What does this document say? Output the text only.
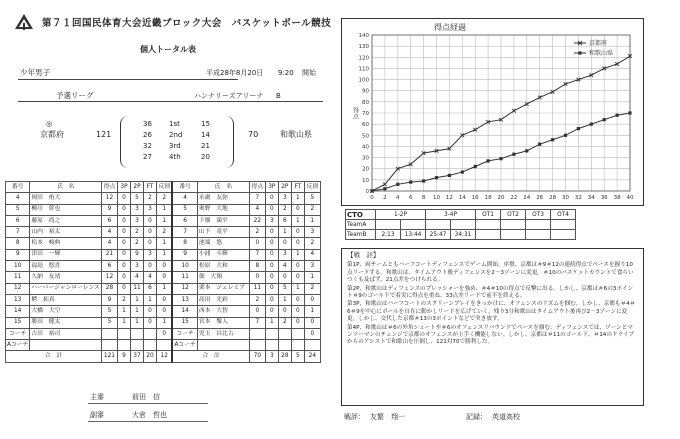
第７１回国民体育大会近畿ブロック大会　バスケットボール競技
個人トータル表
少年男子	平成28年8月20日 9:20 開始
予選リーグ	ハンナリーズアリーナ B
◎
京都府	121
36 1st	15
26 2nd	14
32 3rd	21
27 4th	20
70	和歌山県
番号	氏　名	得点	3P	2P	FT	反則	番号	氏　名	得点	3P	2P	FT	反則
4	岡田　侑大	12	0	5	2	2	4	永廣　友弥	7	0	3	1	5
5	柳川　幹也	9	0	3	3	1	5	奥野　大地	4	0	2	0	2
6	藤原　尚之	6	0	3	0	1	6	下畑　満平	22	3	6	1	1
7	山内　裕太	4	0	2	0	2	7	山下　竜平	2	0	1	0	3
8	松本　峻典	4	0	2	0	1	8	池端　悠	0	0	0	0	2
9	津田　一輝	21	0	9	3	1	9	小浦　斗輝	7	0	3	1	4
10	福島　悠喜	6	0	3	0	0	10	松原　大和	8	0	4	0	3
11	久納　友靖	12	0	4	4	0	11	佃　大翔	0	0	0	0	1
12	ハーパージャンローレンス	28	0	11	6	1	12	栗本　ジェレミア	11	0	5	1	2
13	鰐　拓真	9	2	1	1	0	13	高田　光彩	2	0	1	0	0
14	大橋　大空	5	1	1	0	0	14	西本　大智	0	0	0	0	1
15	勝田　健太	5	1	1	0	1	15	宮本　黎人	7	1	2	0	0
コーチ	吉田　裕司					0	コーチ	児玉　昌比古					0
Aコーチ							Aコーチ						
合　計		121	9	37	20	12	合　計		70	3	28	5	24
主審	前田　信
副審	大倉　哲也
得点経過
0
10
20
30
40
50
60
70
80
90
100
110
120
130
140
0 2 4 6 8 10 12 14 16 18 20 22 24 26 28 30 32 34 36 38 40
得点
京都府
和歌山県
CTO	1-2P		3-4P		OT1	OT2	OT3	OT4
TeamA								
TeamB	2:13	13:44	25:47	34:31				
【戦　評】

第1P、両チームともハーフコートディフェンスでゲーム開始。序盤、京都は＃9＃12の連続得点でペースを握り10点リードする。和歌山は、タイムアウト後ディフェンスを2－3ゾーンに変更。＃10のバスケットカウントで食らいつくも及ばず、21点差をつけられる。

第2P、和歌山はディフェンスのプレッシャーを強め、＃4＃10の得点で反撃に出る。しかし、京都は＃6の3ポイント＃9のゴール下で着実に得点を重ね、33点差リードで前半を終える。

第3P、和歌山はハーフコートのスクリーンプレイをきっかけに、オフェンスのリズムを掴む。しかし、京都も＃4＃6＃9を中心にボールを自在に動かしリードを広げていく。残り3分和歌山はタイムアウト後再び2－3ゾーンに変更。しかし、交代した京都＃13の3ポイントなどで突き放す。

第4P、和歌山は＃6の外角シュートや＃6のオフェンスリバウンドでペースを掴む。ディフェンスでは、ゾーンとマンツーマンのチェンジで京都のオフェンスが上手く機能しない。しかし、京都は＃11のゴール下、＃14のドライブからのアシストで和歌山を圧倒し、121対70で勝利した。

戦評： 友繁　翔一	記録： 英道高校
